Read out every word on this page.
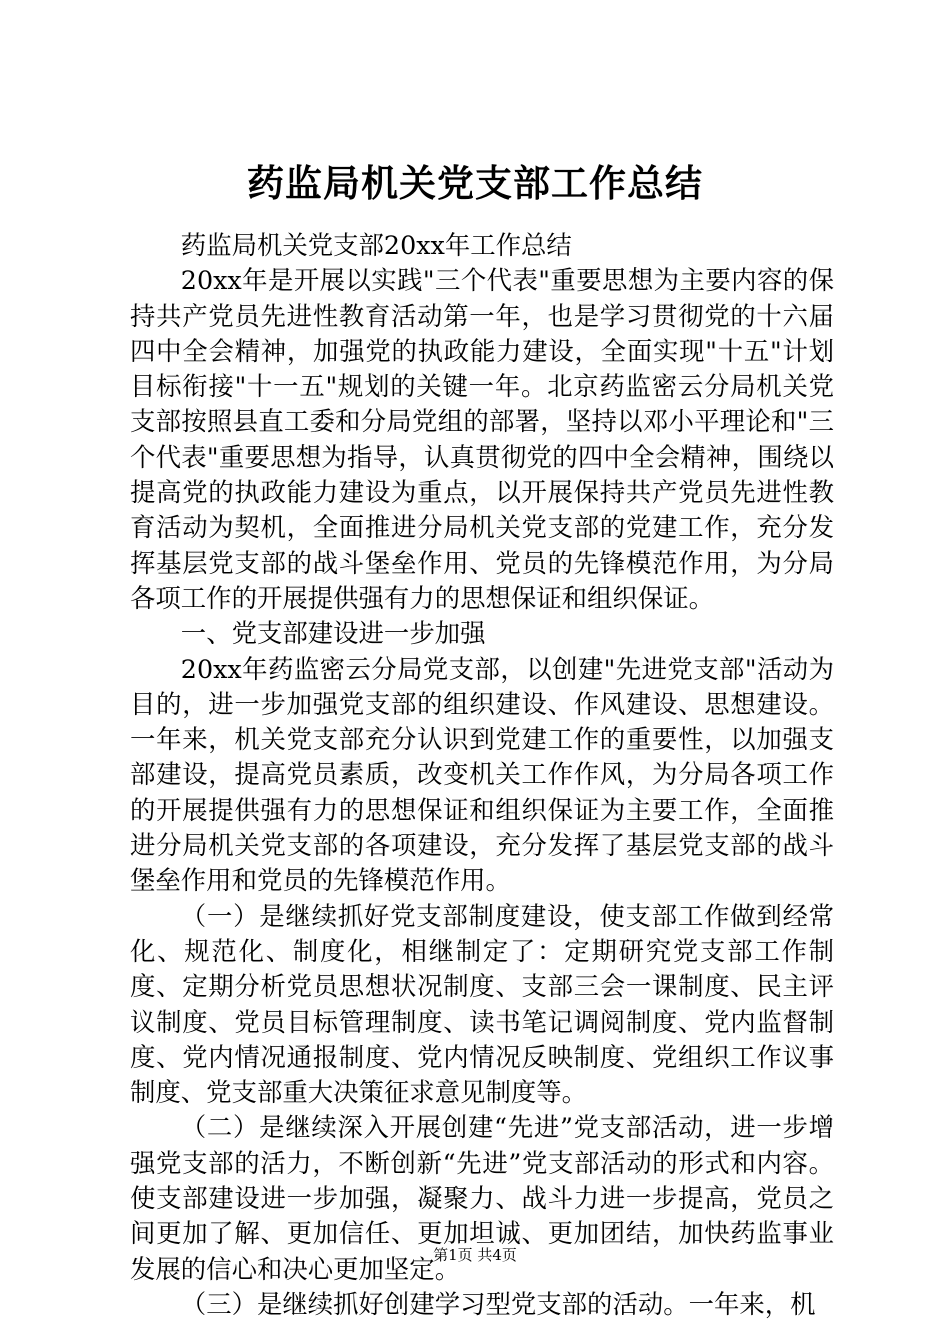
药监局机关党支部工作总结

药监局机关党支部20xx年工作总结

20xx年是开展以实践"三个代表"重要思想为主要内容的保持共产党员先进性教育活动第一年，也是学习贯彻党的十六届四中全会精神，加强党的执政能力建设，全面实现"十五"计划目标衔接"十一五"规划的关键一年。北京药监密云分局机关党支部按照县直工委和分局党组的部署，坚持以邓小平理论和"三个代表"重要思想为指导，认真贯彻党的四中全会精神，围绕以提高党的执政能力建设为重点，以开展保持共产党员先进性教育活动为契机，全面推进分局机关党支部的党建工作，充分发挥基层党支部的战斗堡垒作用、党员的先锋模范作用，为分局各项工作的开展提供强有力的思想保证和组织保证。

一、党支部建设进一步加强

20xx年药监密云分局党支部，以创建"先进党支部"活动为目的，进一步加强党支部的组织建设、作风建设、思想建设。一年来，机关党支部充分认识到党建工作的重要性，以加强支部建设，提高党员素质，改变机关工作作风，为分局各项工作的开展提供强有力的思想保证和组织保证为主要工作，全面推进分局机关党支部的各项建设，充分发挥了基层党支部的战斗堡垒作用和党员的先锋模范作用。

（一）是继续抓好党支部制度建设，使支部工作做到经常化、规范化、制度化，相继制定了：定期研究党支部工作制度、定期分析党员思想状况制度、支部三会一课制度、民主评议制度、党员目标管理制度、读书笔记调阅制度、党内监督制度、党内情况通报制度、党内情况反映制度、党组织工作议事制度、党支部重大决策征求意见制度等。

（二）是继续深入开展创建“先进”党支部活动，进一步增强党支部的活力，不断创新“先进”党支部活动的形式和内容。使支部建设进一步加强，凝聚力、战斗力进一步提高，党员之间更加了解、更加信任、更加坦诚、更加团结，加快药监事业发展的信心和决心更加坚定。

（三）是继续抓好创建学习型党支部的活动。一年来，机

第1页 共4页
